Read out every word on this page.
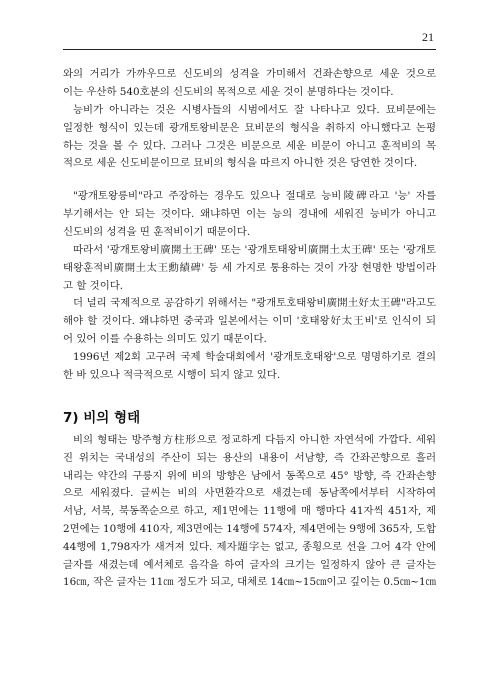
21
와의 거리가 가까우므로 신도비의 성격을 가미해서 건좌손향으로 세운 것으로
이는 우산하 540호분의 신도비의 목적으로 세운 것이 분명하다는 것이다.
능비가 아니라는 것은 시병사들의 시범에서도 잘 나타나고 있다. 묘비문에는
일정한 형식이 있는데 광개토왕비문은 묘비문의 형식을 취하지 아니했다고 논평
하는 것을 볼 수 있다. 그러나 그것은 비문으로 세운 비문이 아니고 훈적비의 목
적으로 세운 신도비문이므로 묘비의 형식을 따르지 아니한 것은 당연한 것이다.
"광개토왕릉비"라고 주장하는 경우도 있으나 절대로 능비陵碑라고 '능' 자를
부기해서는 안 되는 것이다. 왜냐하면 이는 능의 경내에 세워진 능비가 아니고
신도비의 성격을 띤 훈적비이기 때문이다.
따라서 '광개토왕비廣開土王碑' 또는 '광개토태왕비廣開土太王碑' 또는 '광개토
태왕훈적비廣開土太王勳績碑' 등 세 가지로 통용하는 것이 가장 현명한 방법이라
고 할 것이다.
더 널리 국제적으로 공감하기 위해서는 "광개토호태왕비廣開土好太王碑"라고도
해야 할 것이다. 왜냐하면 중국과 일본에서는 이미 '호태왕好太王비'로 인식이 되
어 있어 이를 수용하는 의미도 있기 때문이다.
1996년 제2회 고구려 국제 학술대회에서 '광개토호태왕'으로 명명하기로 결의
한 바 있으나 적극적으로 시행이 되지 않고 있다.
7) 비의 형태
비의 형태는 방주형方柱形으로 정교하게 다듬지 아니한 자연석에 가깝다. 세워
진 위치는 국내성의 주산이 되는 용산의 내용이 서남향, 즉 간좌곤향으로 흘러
내리는 약간의 구릉지 위에 비의 방향은 남에서 동쪽으로 45° 방향, 즉 간좌손향
으로 세워졌다. 글씨는 비의 사면환각으로 새겼는데 동남쪽에서부터 시작하여
서남, 서북, 북동쪽순으로 하고, 제1면에는 11행에 매 행마다 41자씩 451자, 제
2면에는 10행에 410자, 제3면에는 14행에 574자, 제4면에는 9행에 365자, 도합
44행에 1,798자가 새겨져 있다. 제자題字는 없고, 종횡으로 선을 그어 4각 안에
글자를 새겼는데 예서체로 음각을 하여 글자의 크기는 일정하지 않아 큰 글자는
16㎝, 작은 글자는 11㎝ 정도가 되고, 대체로 14㎝~15㎝이고 깊이는 0.5㎝~1㎝
